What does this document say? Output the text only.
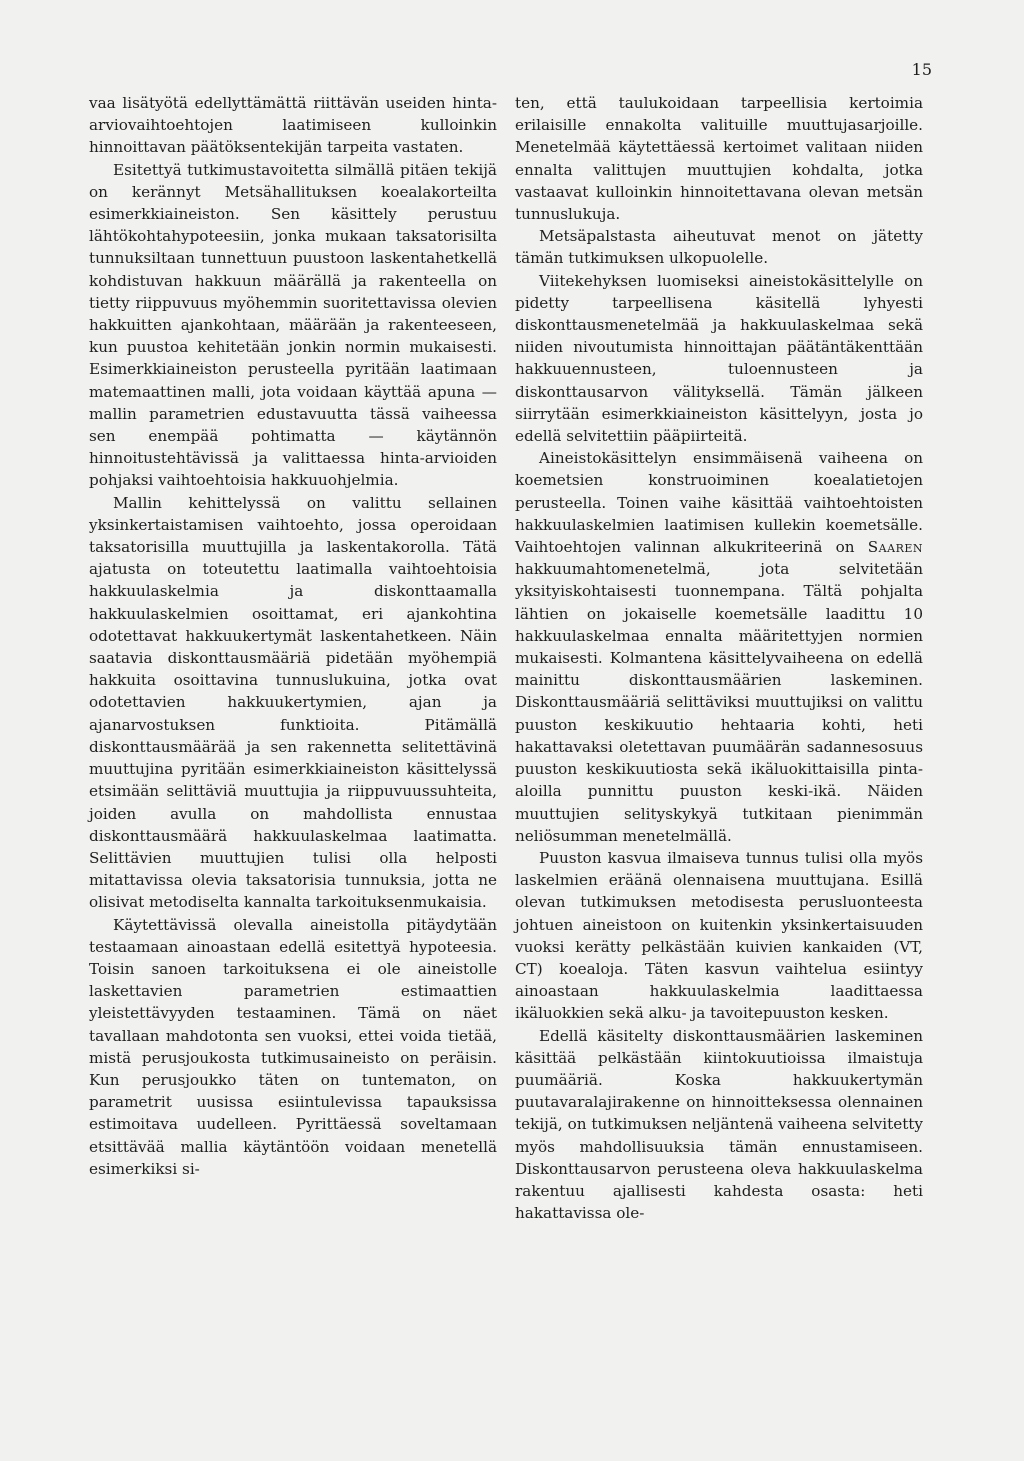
15

vaa lisätyötä edellyttämättä riittävän useiden hinta-arviovaihtoehtojen laatimiseen kulloinkin hinnoittavan päätöksentekijän tarpeita vastaten.

Esitettyä tutkimustavoitetta silmällä pitäen tekijä on kerännyt Metsähallituksen koealakorteilta esimerkkiaineiston. Sen käsittely perustuu lähtökohtahypoteesiin, jonka mukaan taksatorisilta tunnuksiltaan tunnettuun puustoon laskentahetkellä kohdistuvan hakkuun määrällä ja rakenteella on tietty riippuvuus myöhemmin suoritettavissa olevien hakkuitten ajankohtaan, määrään ja rakenteeseen, kun puustoa kehitetään jonkin normin mukaisesti. Esimerkkiaineiston perusteella pyritään laatimaan matemaattinen malli, jota voidaan käyttää apuna — mallin parametrien edustavuutta tässä vaiheessa sen enempää pohtimatta — käytännön hinnoitustehtävissä ja valittaessa hinta-arvioiden pohjaksi vaihtoehtoisia hakkuuohjelmia.

Mallin kehittelyssä on valittu sellainen yksinkertaistamisen vaihtoehto, jossa operoidaan taksatorisilla muuttujilla ja laskentakorolla. Tätä ajatusta on toteutettu laatimalla vaihtoehtoisia hakkuulaskelmia ja diskonttaamalla hakkuulaskelmien osoittamat, eri ajankohtina odotettavat hakkuukertymät laskentahetkeen. Näin saatavia diskonttausmääriä pidetään myöhempiä hakkuita osoittavina tunnuslukuina, jotka ovat odotettavien hakkuukertymien, ajan ja ajanarvostuksen funktioita. Pitämällä diskonttausmäärää ja sen rakennetta selitettävinä muuttujina pyritään esimerkkiaineiston käsittelyssä etsimään selittäviä muuttujia ja riippuvuussuhteita, joiden avulla on mahdollista ennustaa diskonttausmäärä hakkuulaskelmaa laatimatta. Selittävien muuttujien tulisi olla helposti mitattavissa olevia taksatorisia tunnuksia, jotta ne olisivat metodiselta kannalta tarkoituksenmukaisia.

Käytettävissä olevalla aineistolla pitäydytään testaamaan ainoastaan edellä esitettyä hypoteesia. Toisin sanoen tarkoituksena ei ole aineistolle laskettavien parametrien estimaattien yleistettävyyden testaaminen. Tämä on näet tavallaan mahdotonta sen vuoksi, ettei voida tietää, mistä perusjoukosta tutkimusaineisto on peräisin. Kun perusjoukko täten on tuntematon, on parametrit uusissa esiintulevissa tapauksissa estimoitava uudelleen. Pyrittäessä soveltamaan etsittävää mallia käytäntöön voidaan menetellä esimerkiksi si-

ten, että taulukoidaan tarpeellisia kertoimia erilaisille ennakolta valituille muuttujasarjoille. Menetelmää käytettäessä kertoimet valitaan niiden ennalta valittujen muuttujien kohdalta, jotka vastaavat kulloinkin hinnoitettavana olevan metsän tunnuslukuja.

Metsäpalstasta aiheutuvat menot on jätetty tämän tutkimuksen ulkopuolelle.

Viitekehyksen luomiseksi aineistokäsittelylle on pidetty tarpeellisena käsitellä lyhyesti diskonttausmenetelmää ja hakkuulaskelmaa sekä niiden nivoutumista hinnoittajan päätäntäkenttään hakkuuennusteen, tuloennusteen ja diskonttausarvon välityksellä. Tämän jälkeen siirrytään esimerkkiaineiston käsittelyyn, josta jo edellä selvitettiin pääpiirteitä.

Aineistokäsittelyn ensimmäisenä vaiheena on koemetsien konstruoiminen koealatietojen perusteella. Toinen vaihe käsittää vaihtoehtoisten hakkuulaskelmien laatimisen kullekin koemetsälle. Vaihtoehtojen valinnan alkukriteerinä on Saaren hakkuumahtomenetelmä, jota selvitetään yksityiskohtaisesti tuonnempana. Tältä pohjalta lähtien on jokaiselle koemetsälle laadittu 10 hakkuulaskelmaa ennalta määritettyjen normien mukaisesti. Kolmantena käsittelyvaiheena on edellä mainittu diskonttausmäärien laskeminen. Diskonttausmääriä selittäviksi muuttujiksi on valittu puuston keskikuutio hehtaaria kohti, heti hakattavaksi oletettavan puumäärän sadannesosuus puuston keskikuutiosta sekä ikäluokittaisilla pinta-aloilla punnittu puuston keski-ikä. Näiden muuttujien selityskykyä tutkitaan pienimmän neliösumman menetelmällä.

Puuston kasvua ilmaiseva tunnus tulisi olla myös laskelmien eräänä olennaisena muuttujana. Esillä olevan tutkimuksen metodisesta perusluonteesta johtuen aineistoon on kuitenkin yksinkertaisuuden vuoksi kerätty pelkästään kuivien kankaiden (VT, CT) koealoja. Täten kasvun vaihtelua esiintyy ainoastaan hakkuulaskelmia laadittaessa ikäluokkien sekä alku- ja tavoitepuuston kesken.

Edellä käsitelty diskonttausmäärien laskeminen käsittää pelkästään kiintokuutioissa ilmaistuja puumääriä. Koska hakkuukertymän puutavaralajirakenne on hinnoitteksessa olennainen tekijä, on tutkimuksen neljäntenä vaiheena selvitetty myös mahdollisuuksia tämän ennustamiseen. Diskonttausarvon perusteena oleva hakkuulaskelma rakentuu ajallisesti kahdesta osasta: heti hakattavissa ole-
